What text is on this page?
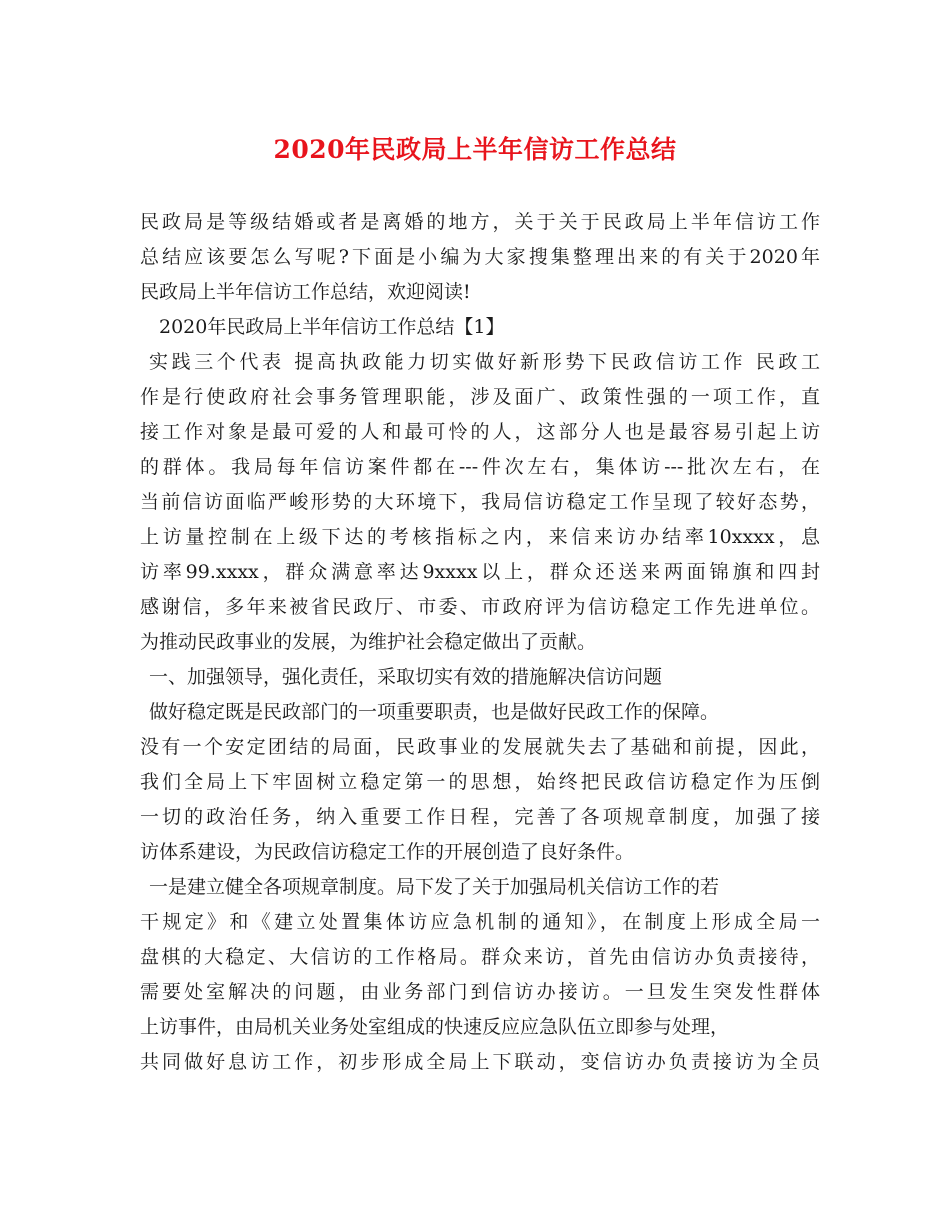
2020年民政局上半年信访工作总结
民政局是等级结婚或者是离婚的地方，关于关于民政局上半年信访工作
总结应该要怎么写呢?下面是小编为大家搜集整理出来的有关于2020年
民政局上半年信访工作总结，欢迎阅读!
2020年民政局上半年信访工作总结【1】
实践三个代表 提高执政能力切实做好新形势下民政信访工作 民政工
作是行使政府社会事务管理职能，涉及面广、政策性强的一项工作，直
接工作对象是最可爱的人和最可怜的人，这部分人也是最容易引起上访
的群体。我局每年信访案件都在---件次左右，集体访---批次左右，在
当前信访面临严峻形势的大环境下，我局信访稳定工作呈现了较好态势，
上访量控制在上级下达的考核指标之内，来信来访办结率10xxxx，息
访率99.xxxx，群众满意率达9xxxx以上，群众还送来两面锦旗和四封
感谢信，多年来被省民政厅、市委、市政府评为信访稳定工作先进单位。
为推动民政事业的发展，为维护社会稳定做出了贡献。
一、加强领导，强化责任，采取切实有效的措施解决信访问题
做好稳定既是民政部门的一项重要职责，也是做好民政工作的保障。
没有一个安定团结的局面，民政事业的发展就失去了基础和前提，因此，
我们全局上下牢固树立稳定第一的思想，始终把民政信访稳定作为压倒
一切的政治任务，纳入重要工作日程，完善了各项规章制度，加强了接
访体系建设，为民政信访稳定工作的开展创造了良好条件。
一是建立健全各项规章制度。局下发了关于加强局机关信访工作的若
干规定》和《建立处置集体访应急机制的通知》，在制度上形成全局一
盘棋的大稳定、大信访的工作格局。群众来访，首先由信访办负责接待，
需要处室解决的问题，由业务部门到信访办接访。一旦发生突发性群体
上访事件，由局机关业务处室组成的快速反应应急队伍立即参与处理，
共同做好息访工作，初步形成全局上下联动，变信访办负责接访为全员
